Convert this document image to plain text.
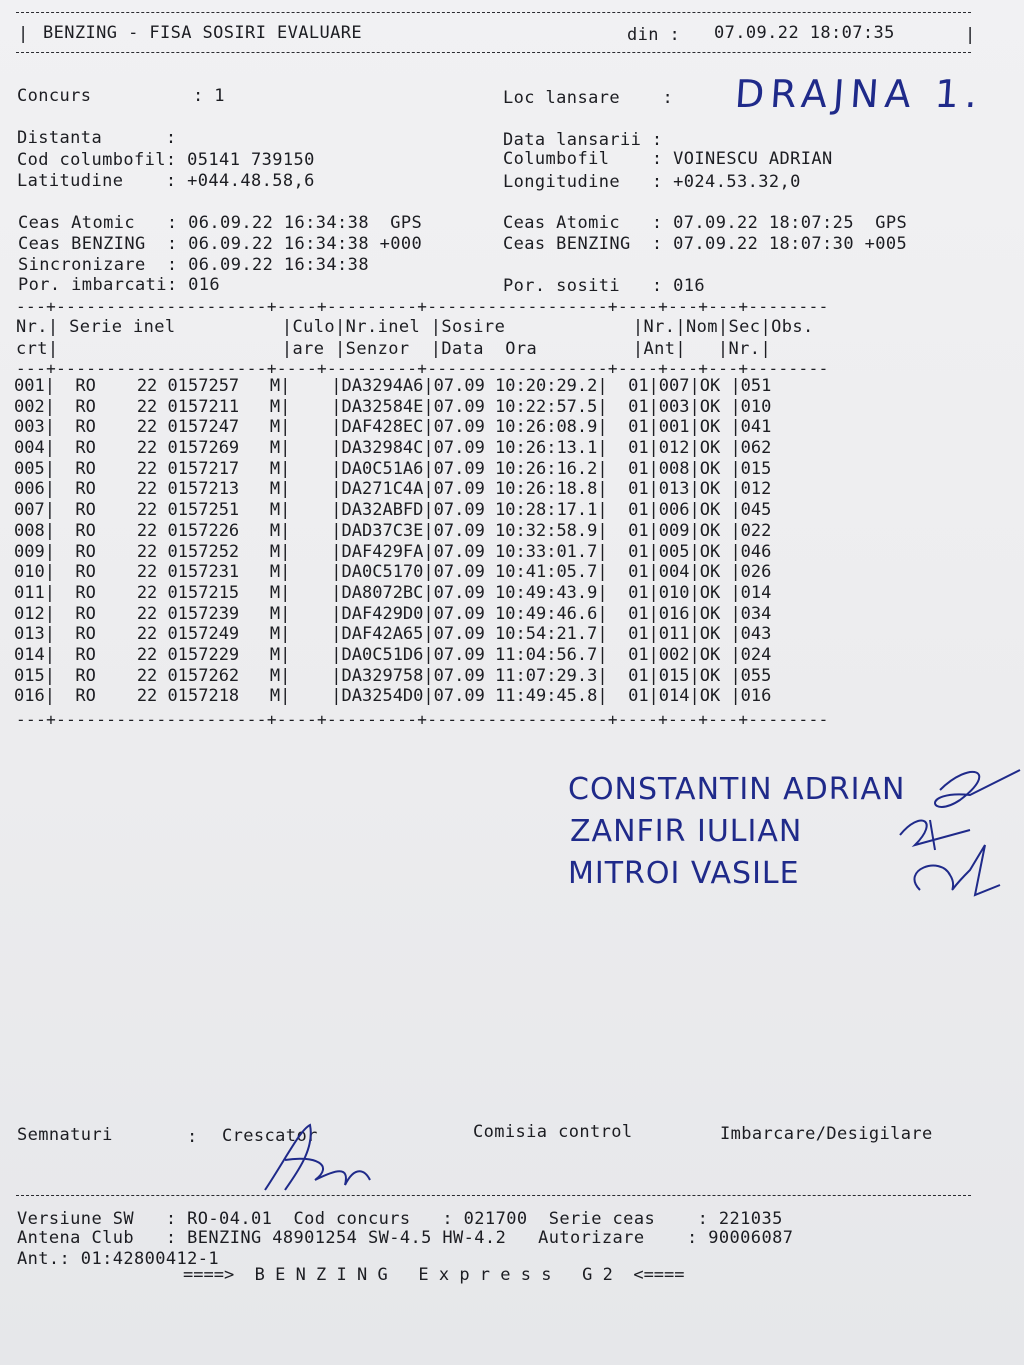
| BENZING - FISA SOSIRI EVALUARE	din : 07.09.22 18:07:35	|
Concurs	: 1	Loc lansare    :
Distanta      :	Data lansarii :
Cod columbofil: 05141 739150	Columbofil    : VOINESCU ADRIAN
Latitudine    : +044.48.58,6	Longitudine   : +024.53.32,0
Ceas Atomic   : 06.09.22 16:34:38  GPS	Ceas Atomic   : 07.09.22 18:07:25  GPS
Ceas BENZING  : 06.09.22 16:34:38 +000	Ceas BENZING  : 07.09.22 18:07:30 +005
Sincronizare  : 06.09.22 16:34:38
Por. imbarcati: 016	Por. sositi   : 016
---+---------------------+----+---------+------------------+----+---+---+--------
Nr.| Serie inel          |Culo|Nr.inel |Sosire            |Nr.|Nom|Sec|Obs.
crt|                     |are |Senzor  |Data  Ora         |Ant|   |Nr.|
---+---------------------+----+---------+------------------+----+---+---+--------
001|  RO    22 0157257   M|    |DA3294A6|07.09 10:20:29.2|  01|007|OK |051
002|  RO    22 0157211   M|    |DA32584E|07.09 10:22:57.5|  01|003|OK |010
003|  RO    22 0157247   M|    |DAF428EC|07.09 10:26:08.9|  01|001|OK |041
004|  RO    22 0157269   M|    |DA32984C|07.09 10:26:13.1|  01|012|OK |062
005|  RO    22 0157217   M|    |DA0C51A6|07.09 10:26:16.2|  01|008|OK |015
006|  RO    22 0157213   M|    |DA271C4A|07.09 10:26:18.8|  01|013|OK |012
007|  RO    22 0157251   M|    |DA32ABFD|07.09 10:28:17.1|  01|006|OK |045
008|  RO    22 0157226   M|    |DAD37C3E|07.09 10:32:58.9|  01|009|OK |022
009|  RO    22 0157252   M|    |DAF429FA|07.09 10:33:01.7|  01|005|OK |046
010|  RO    22 0157231   M|    |DA0C5170|07.09 10:41:05.7|  01|004|OK |026
011|  RO    22 0157215   M|    |DA8072BC|07.09 10:49:43.9|  01|010|OK |014
012|  RO    22 0157239   M|    |DAF429D0|07.09 10:49:46.6|  01|016|OK |034
013|  RO    22 0157249   M|    |DAF42A65|07.09 10:54:21.7|  01|011|OK |043
014|  RO    22 0157229   M|    |DA0C51D6|07.09 11:04:56.7|  01|002|OK |024
015|  RO    22 0157262   M|    |DA329758|07.09 11:07:29.3|  01|015|OK |055
016|  RO    22 0157218   M|    |DA3254D0|07.09 11:49:45.8|  01|014|OK |016
---+---------------------+----+---------+------------------+----+---+---+--------
DRAJNA 1.
CONSTANTIN ADRIAN
ZANFIR IULIAN
MITROI VASILE
Semnaturi	: Crescator	Comisia control	Imbarcare/Desigilare
Versiune SW   : RO-04.01  Cod concurs   : 021700  Serie ceas    : 221035
Antena Club   : BENZING 48901254 SW-4.5 HW-4.2   Autorizare    : 90006087
Ant.: 01:42800412-1
====>  B E N Z I N G   E x p r e s s   G 2  <====
